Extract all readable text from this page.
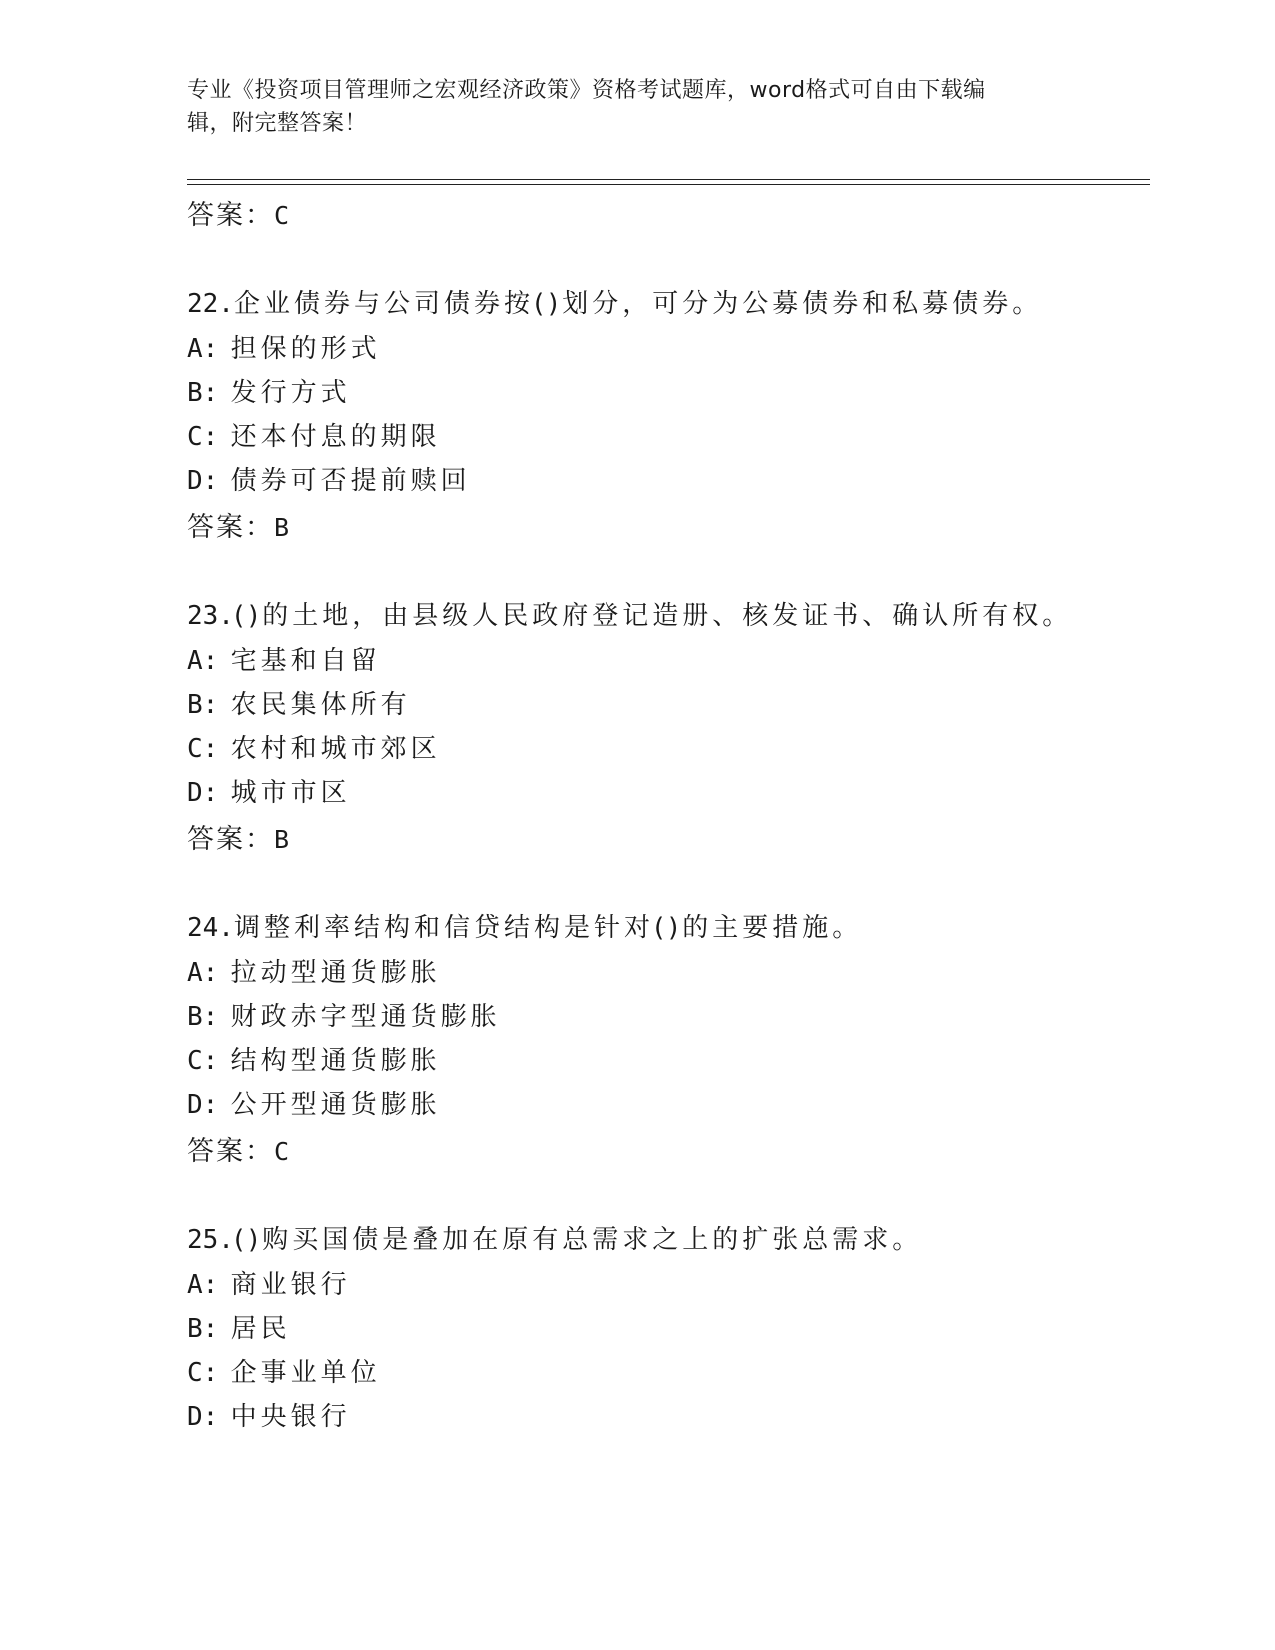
专业《投资项目管理师之宏观经济政策》资格考试题库，word格式可自由下载编
辑，附完整答案！
答案：C
22.企业债券与公司债券按()划分，可分为公募债券和私募债券。
A: 担保的形式
B: 发行方式
C: 还本付息的期限
D: 债券可否提前赎回
答案：B
23.()的土地，由县级人民政府登记造册、核发证书、确认所有权。
A: 宅基和自留
B: 农民集体所有
C: 农村和城市郊区
D: 城市市区
答案：B
24.调整利率结构和信贷结构是针对()的主要措施。
A: 拉动型通货膨胀
B: 财政赤字型通货膨胀
C: 结构型通货膨胀
D: 公开型通货膨胀
答案：C
25.()购买国债是叠加在原有总需求之上的扩张总需求。
A: 商业银行
B: 居民
C: 企事业单位
D: 中央银行
